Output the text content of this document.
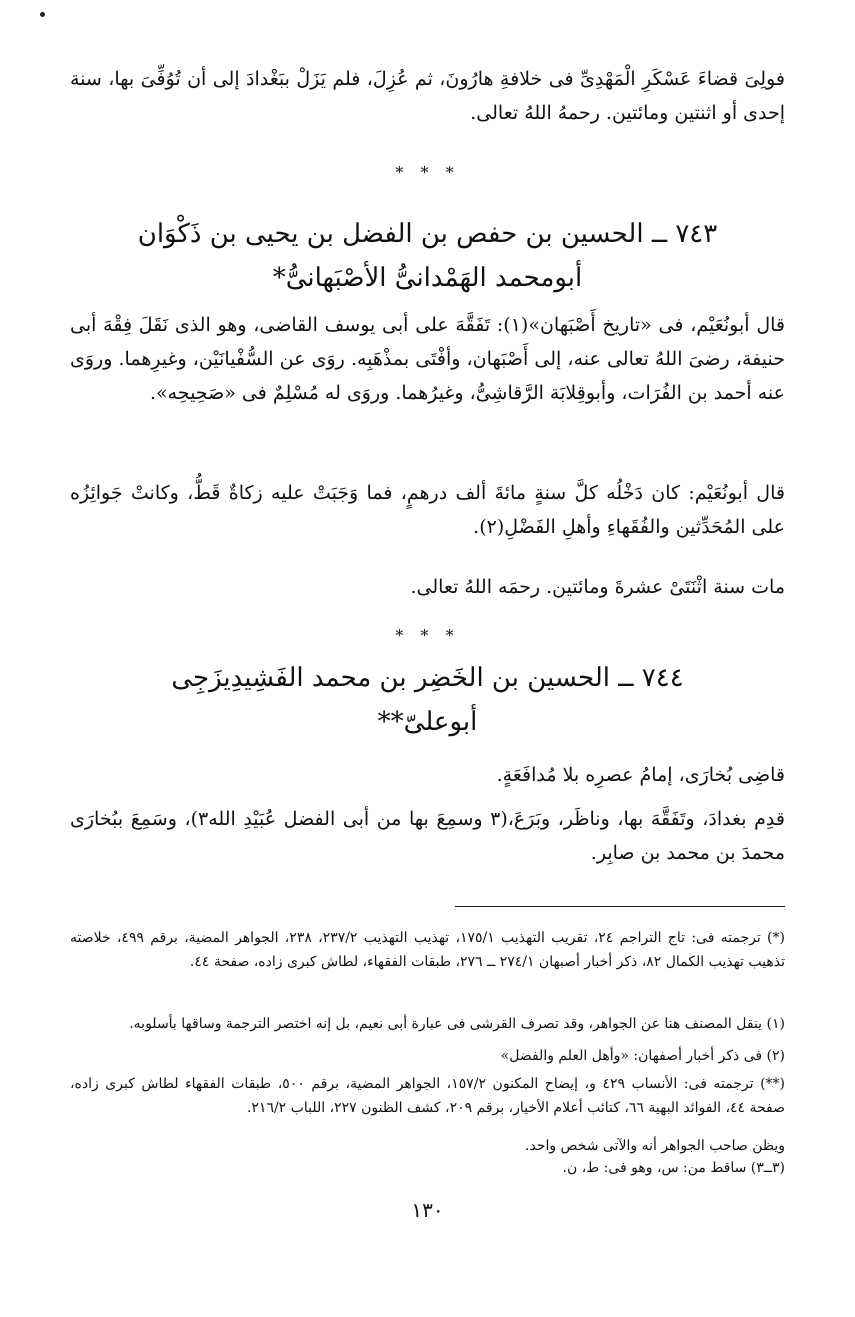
فولِىَ قضاءَ عَسْكَرِ الْمَهْدِىِّ فى خلافةِ هارُونَ، ثم عُزِلَ، فلم يَزَلْ ببَغْدادَ إلى أن تُوُفِّىَ بها، سنة إحدى أو اثنتين ومائتين. رحمهُ اللهُ تعالى.

* * *
٧٤٣ ــ الحسين بن حفص بن الفضل بن يحيى بن ذَكْوَان
أبومحمد الهَمْدانىُّ الأصْبَهانىُّ*

قال أبونُعَيْم، فى «تاريخ أَصْبَهان»(١): تَفَقَّهَ على أبى يوسف القاضى، وهو الذى نَقَلَ فِقْهَ أبى حنيفة، رضىَ اللهُ تعالى عنه، إلى أَصْبَهان، وأفْتَى بمذْهَبِه. روَى عن السُّفْيانَيْن، وغيرِهما. وروَى عنه أحمد بن الفُرَات، وأبوقِلابَة الرَّقاشِىُّ، وغيرُهما. وروَى له مُسْلِمٌ فى «صَحِيحِه».

قال أبونُعَيْم: كان دَخْلُه كلَّ سنةٍ مائةَ ألف درهمٍ، فما وَجَبَتْ عليه زكاةٌ قَطُّ، وكانتْ جَوائِزُه على المُحَدِّثين والفُقَهاءِ وأهلِ الفَضْلِ(٢).

مات سنة اثْنَتَىْ عشرةَ ومائتين. رحمَه اللهُ تعالى.

* * *
٧٤٤ ــ الحسين بن الخَضِر بن محمد الفَشِيدِيزَجِى
أبوعلىّ**

قاضِى بُخارَى، إمامُ عصرِه بلا مُدافَعَةٍ.

قدِم بغدادَ، وتَفَقَّهَ بها، وناظَر، وبَرَعَ،(٣ وسمِعَ بها من أبى الفضل عُبَيْدِ الله٣)، وسَمِعَ ببُخارَى محمدَ بن محمد بن صابِر.

(*) ترجمته فى: تاج التراجم ٢٤، تقريب التهذيب ١٧٥/١، تهذيب التهذيب ٢٣٧/٢، ٢٣٨، الجواهر المضية، برقم ٤٩٩، خلاصته تذهيب تهذيب الكمال ٨٢، ذكر أخبار أصبهان ٢٧٤/١ ــ ٢٧٦، طبقات الفقهاء، لطاش كبرى زاده، صفحة ٤٤.

(١) ينقل المصنف هنا عن الجواهر، وقد تصرف القرشى فى عبارة أبى نعيم، بل إنه اختصر الترجمة وساقها بأسلوبه.

(٢) فى ذكر أخبار أصفهان: «وأهل العلم والفضل»

(**) ترجمته فى: الأنساب ٤٢٩ و، إيضاح المكنون ١٥٧/٢، الجواهر المضية، برقم ٥٠٠، طبقات الفقهاء لطاش كبرى زاده، صفحة ٤٤، الفوائد البهية ٦٦، كتائب أعلام الأخيار، برقم ٢٠٩، كشف الظنون ٢٢٧، اللباب ٢١٦/٢.

ويظن صاحب الجواهر أنه والآتى شخص واحد.

(٣ــ٣) ساقط من: س، وهو فى: ط، ن.

١٣٠
